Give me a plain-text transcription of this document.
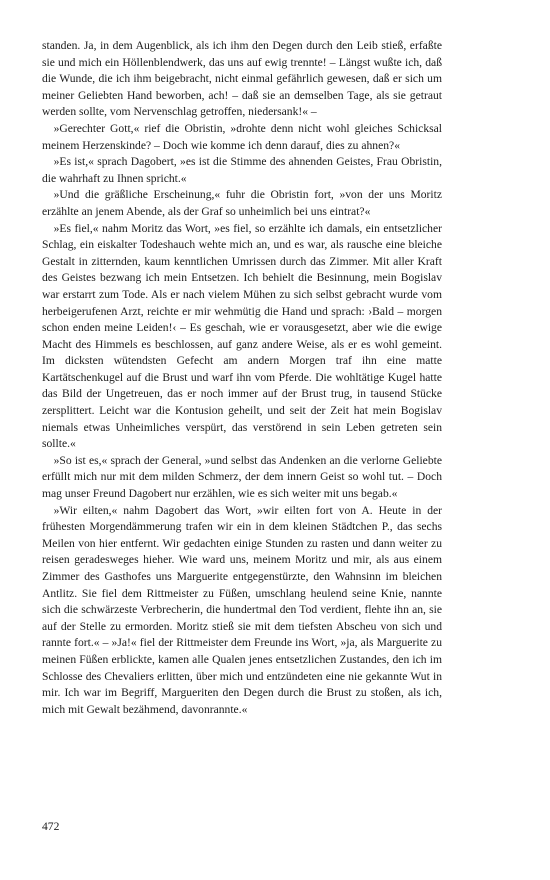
standen. Ja, in dem Augenblick, als ich ihm den Degen durch den Leib stieß, erfaßte sie und mich ein Höllenblendwerk, das uns auf ewig trennte! – Längst wußte ich, daß die Wunde, die ich ihm beigebracht, nicht einmal gefährlich gewesen, daß er sich um meiner Geliebten Hand beworben, ach! – daß sie an demselben Tage, als sie getraut werden sollte, vom Nervenschlag getroffen, niedersank!« –

»Gerechter Gott,« rief die Obristin, »drohte denn nicht wohl gleiches Schicksal meinem Herzenskinde? – Doch wie komme ich denn darauf, dies zu ahnen?«

»Es ist,« sprach Dagobert, »es ist die Stimme des ahnenden Geistes, Frau Obristin, die wahrhaft zu Ihnen spricht.«

»Und die gräßliche Erscheinung,« fuhr die Obristin fort, »von der uns Moritz erzählte an jenem Abende, als der Graf so unheimlich bei uns eintrat?«

»Es fiel,« nahm Moritz das Wort, »es fiel, so erzählte ich damals, ein entsetzlicher Schlag, ein eiskalter Todeshauch wehte mich an, und es war, als rausche eine bleiche Gestalt in zitternden, kaum kenntlichen Umrissen durch das Zimmer. Mit aller Kraft des Geistes bezwang ich mein Entsetzen. Ich behielt die Besinnung, mein Bogislav war erstarrt zum Tode. Als er nach vielem Mühen zu sich selbst gebracht wurde vom herbeigerufenen Arzt, reichte er mir wehmütig die Hand und sprach: ›Bald – morgen schon enden meine Leiden!‹ – Es geschah, wie er vorausgesetzt, aber wie die ewige Macht des Himmels es beschlossen, auf ganz andere Weise, als er es wohl gemeint. Im dicksten wütendsten Gefecht am andern Morgen traf ihn eine matte Kartätschenkugel auf die Brust und warf ihn vom Pferde. Die wohltätige Kugel hatte das Bild der Ungetreuen, das er noch immer auf der Brust trug, in tausend Stücke zersplittert. Leicht war die Kontusion geheilt, und seit der Zeit hat mein Bogislav niemals etwas Unheimliches verspürt, das verstörend in sein Leben getreten sein sollte.«

»So ist es,« sprach der General, »und selbst das Andenken an die verlorne Geliebte erfüllt mich nur mit dem milden Schmerz, der dem innern Geist so wohl tut. – Doch mag unser Freund Dagobert nur erzählen, wie es sich weiter mit uns begab.«

»Wir eilten,« nahm Dagobert das Wort, »wir eilten fort von A. Heute in der frühesten Morgendämmerung trafen wir ein in dem kleinen Städtchen P., das sechs Meilen von hier entfernt. Wir gedachten einige Stunden zu rasten und dann weiter zu reisen geradesweges hieher. Wie ward uns, meinem Moritz und mir, als aus einem Zimmer des Gasthofes uns Marguerite entgegenstürzte, den Wahnsinn im bleichen Antlitz. Sie fiel dem Rittmeister zu Füßen, umschlang heulend seine Knie, nannte sich die schwärzeste Verbrecherin, die hundertmal den Tod verdient, flehte ihn an, sie auf der Stelle zu ermorden. Moritz stieß sie mit dem tiefsten Abscheu von sich und rannte fort.« – »Ja!« fiel der Rittmeister dem Freunde ins Wort, »ja, als Marguerite zu meinen Füßen erblickte, kamen alle Qualen jenes entsetzlichen Zustandes, den ich im Schlosse des Chevaliers erlitten, über mich und entzündeten eine nie gekannte Wut in mir. Ich war im Begriff, Margueriten den Degen durch die Brust zu stoßen, als ich, mich mit Gewalt bezähmend, davonrannte.«

472
